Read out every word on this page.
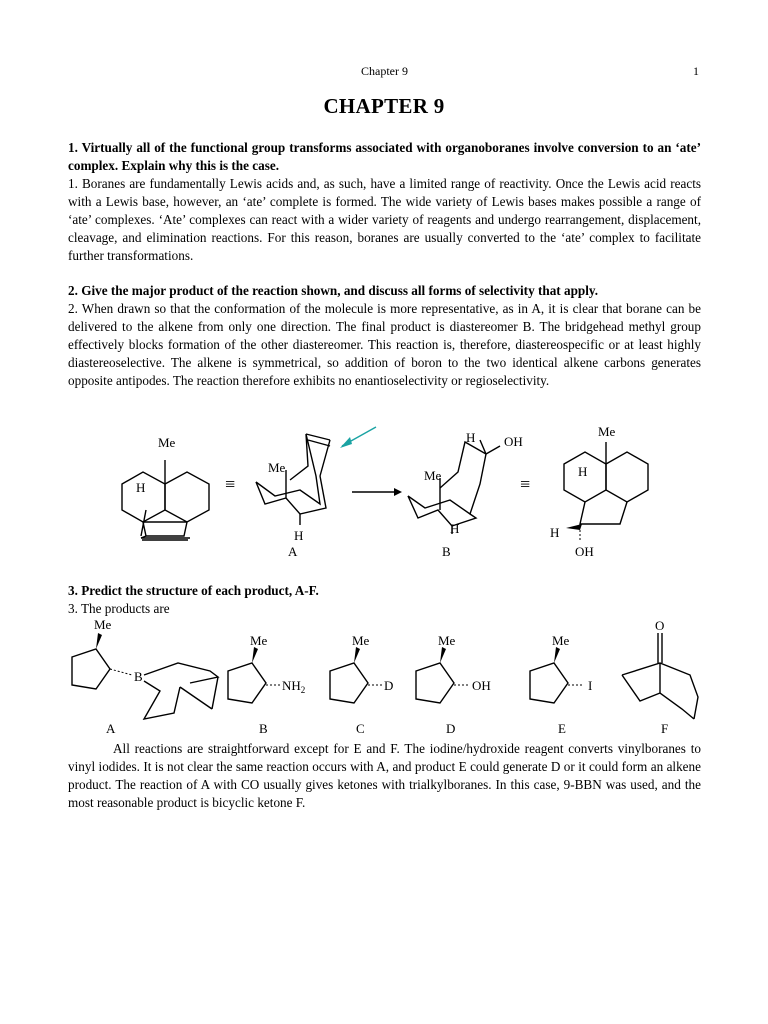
Chapter 9	1
CHAPTER 9
1. Virtually all of the functional group transforms associated with organoboranes involve conversion to an ‘ate’ complex. Explain why this is the case.
1. Boranes are fundamentally Lewis acids and, as such, have a limited range of reactivity. Once the Lewis acid reacts with a Lewis base, however, an ‘ate’ complete is formed. The wide variety of Lewis bases makes possible a range of ‘ate’ complexes. ‘Ate’ complexes can react with a wider variety of reagents and undergo rearrangement, displacement, cleavage, and elimination reactions. For this reason, boranes are usually converted to the ‘ate’ complex to facilitate further transformations.
2. Give the major product of the reaction shown, and discuss all forms of selectivity that apply.
2. When drawn so that the conformation of the molecule is more representative, as in A, it is clear that borane can be delivered to the alkene from only one direction. The final product is diastereomer B. The bridgehead methyl group effectively blocks formation of the other diastereomer. This reaction is, therefore, diastereospecific or at least highly diastereoselective. The alkene is symmetrical, so addition of boron to the two identical alkene carbons generates opposite antipodes. The reaction therefore exhibits no enantioselectivity or regioselectivity.
Me
H	≡
Me
H
A
H OH
Me
H
B
≡
Me
H
H
OH
3. Predict the structure of each product, A-F.
3. The products are
Me
B
A
Me
$NH_2$
B
Me
D
C
Me
OH
D
Me
I
E
O
F
All reactions are straightforward except for E and F. The iodine/hydroxide reagent converts vinylboranes to vinyl iodides. It is not clear the same reaction occurs with A, and product E could generate D or it could form an alkene product. The reaction of A with CO usually gives ketones with trialkylboranes. In this case, 9-BBN was used, and the most reasonable product is bicyclic ketone F.
